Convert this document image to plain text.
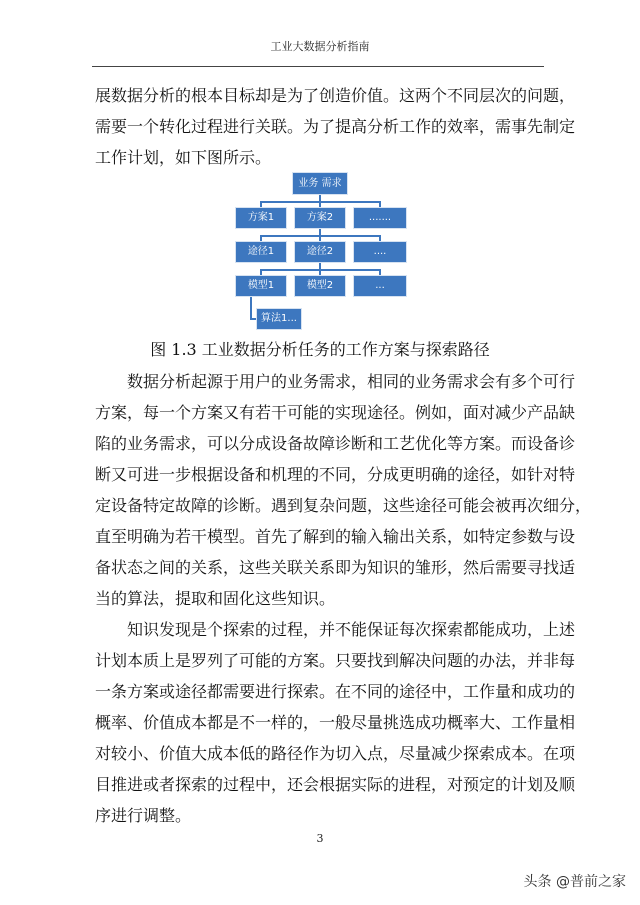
工业大数据分析指南
展数据分析的根本目标却是为了创造价值。这两个不同层次的问题，
需要一个转化过程进行关联。为了提高分析工作的效率，需事先制定
工作计划，如下图所示。
业务 需求
方案1	方案2	.......
途径1	途径2	....
模型1	模型2	...
算法1...
图 1.3 工业数据分析任务的工作方案与探索路径
数据分析起源于用户的业务需求，相同的业务需求会有多个可行
方案，每一个方案又有若干可能的实现途径。例如，面对减少产品缺
陷的业务需求，可以分成设备故障诊断和工艺优化等方案。而设备诊
断又可进一步根据设备和机理的不同，分成更明确的途径，如针对特
定设备特定故障的诊断。遇到复杂问题，这些途径可能会被再次细分，
直至明确为若干模型。首先了解到的输入输出关系，如特定参数与设
备状态之间的关系，这些关联关系即为知识的雏形，然后需要寻找适
当的算法，提取和固化这些知识。
知识发现是个探索的过程，并不能保证每次探索都能成功，上述
计划本质上是罗列了可能的方案。只要找到解决问题的办法，并非每
一条方案或途径都需要进行探索。在不同的途径中，工作量和成功的
概率、价值成本都是不一样的，一般尽量挑选成功概率大、工作量相
对较小、价值大成本低的路径作为切入点，尽量减少探索成本。在项
目推进或者探索的过程中，还会根据实际的进程，对预定的计划及顺
序进行调整。
3
头条 @普前之家
